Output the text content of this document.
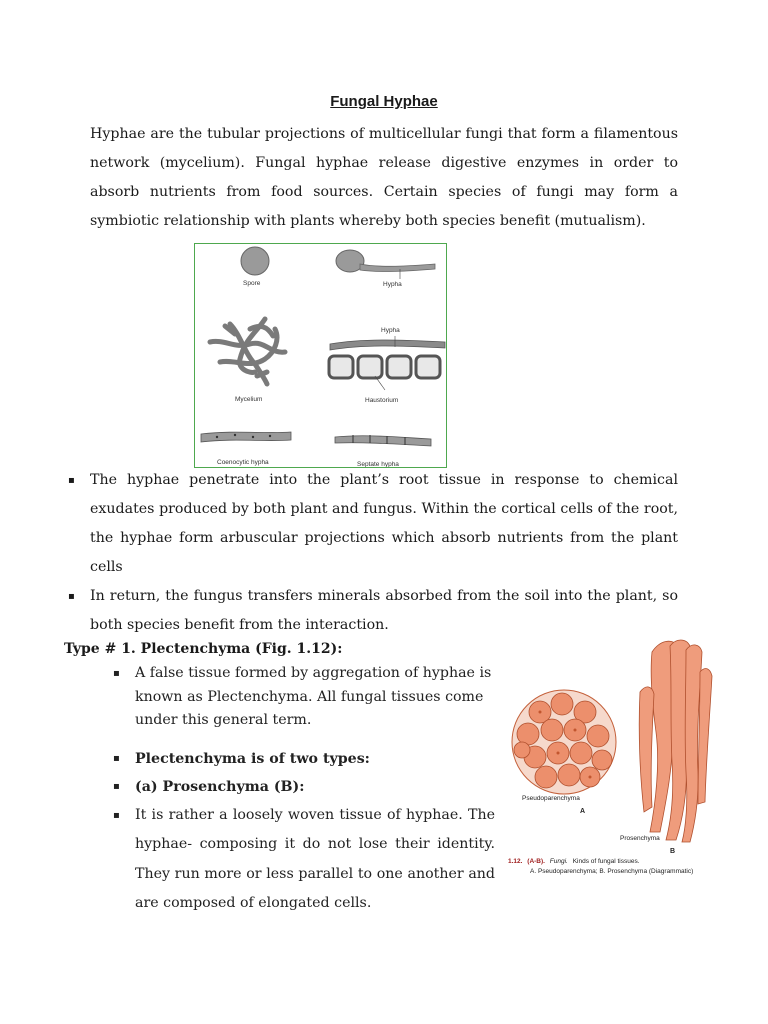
Fungal Hyphae

Hyphae are the tubular projections of multicellular fungi that form a filamentous network (mycelium). Fungal hyphae release digestive enzymes in order to absorb nutrients from food sources. Certain species of fungi may form a symbiotic relationship with plants whereby both species benefit (mutualism).

Spore	Hypha
Mycelium
Hypha
Haustorium
Coenocytic hypha	Septate hypha
▪ The hyphae penetrate into the plant’s root tissue in response to chemical exudates produced by both plant and fungus. Within the cortical cells of the root, the hyphae form arbuscular projections which absorb nutrients from the plant cells
▪ In return, the fungus transfers minerals absorbed from the soil into the plant, so both species benefit from the interaction.
Type # 1. Plectenchyma (Fig. 1.12):
▪ A false tissue formed by aggregation of hyphae is known as Plectenchyma. All fungal tissues come under this general term.
▪ Plectenchyma is of two types:
▪ (a) Prosenchyma (B):
▪ It is rather a loosely woven tissue of hyphae. The hyphae- composing it do not lose their identity. They run more or less parallel to one another and are composed of elongated cells.
Pseudoparenchyma
A
Prosenchyma
B
1.12. (A-B). Fungi. Kinds of fungal tissues.
A. Pseudoparenchyma; B. Prosenchyma (Diagrammatic)
